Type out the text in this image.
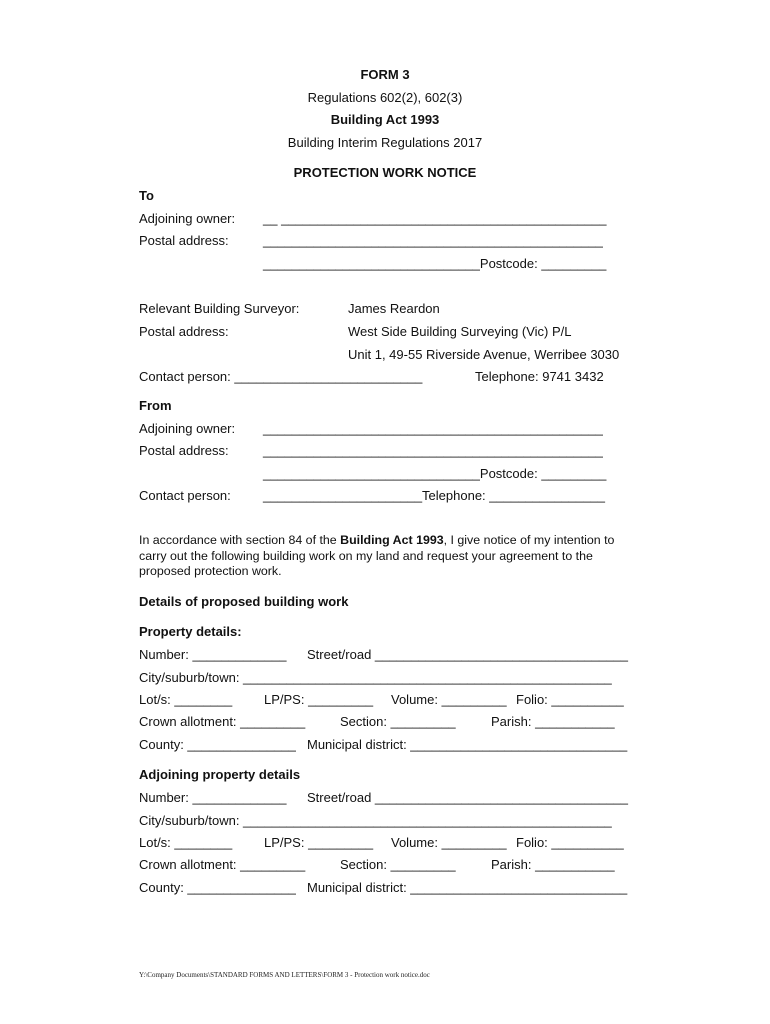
FORM 3
Regulations 602(2), 602(3)
Building Act 1993
Building Interim Regulations 2017
PROTECTION WORK NOTICE
To
Adjoining owner: __ _____________________________________________
Postal address:	_______________________________________________
______________________________Postcode: _________
Relevant Building Surveyor:	James Reardon
Postal address:	West Side Building Surveying (Vic) P/L
Unit 1, 49-55 Riverside Avenue, Werribee 3030
Contact person: __________________________	Telephone: 9741 3432
From
Adjoining owner: _______________________________________________
Postal address:	_______________________________________________
______________________________Postcode: _________
Contact person: ______________________Telephone: ________________
In accordance with section 84 of the Building Act 1993, I give notice of my intention to carry out the following building work on my land and request your agreement to the proposed protection work.
Details of proposed building work
Property details:
Number: _____________ Street/road ___________________________________
City/suburb/town: ___________________________________________________
Lot/s: ________ LP/PS: _________ Volume: _________ Folio: __________
Crown allotment: _________	Section: _________	Parish: ___________
County: _______________ Municipal district: ______________________________
Adjoining property details
Number: _____________ Street/road ___________________________________
City/suburb/town: ___________________________________________________
Lot/s: ________ LP/PS: _________ Volume: _________ Folio: __________
Crown allotment: _________	Section: _________	Parish: ___________
County: _______________ Municipal district: ______________________________
Y:\Company Documents\STANDARD FORMS AND LETTERS\FORM 3 - Protection work notice.doc
